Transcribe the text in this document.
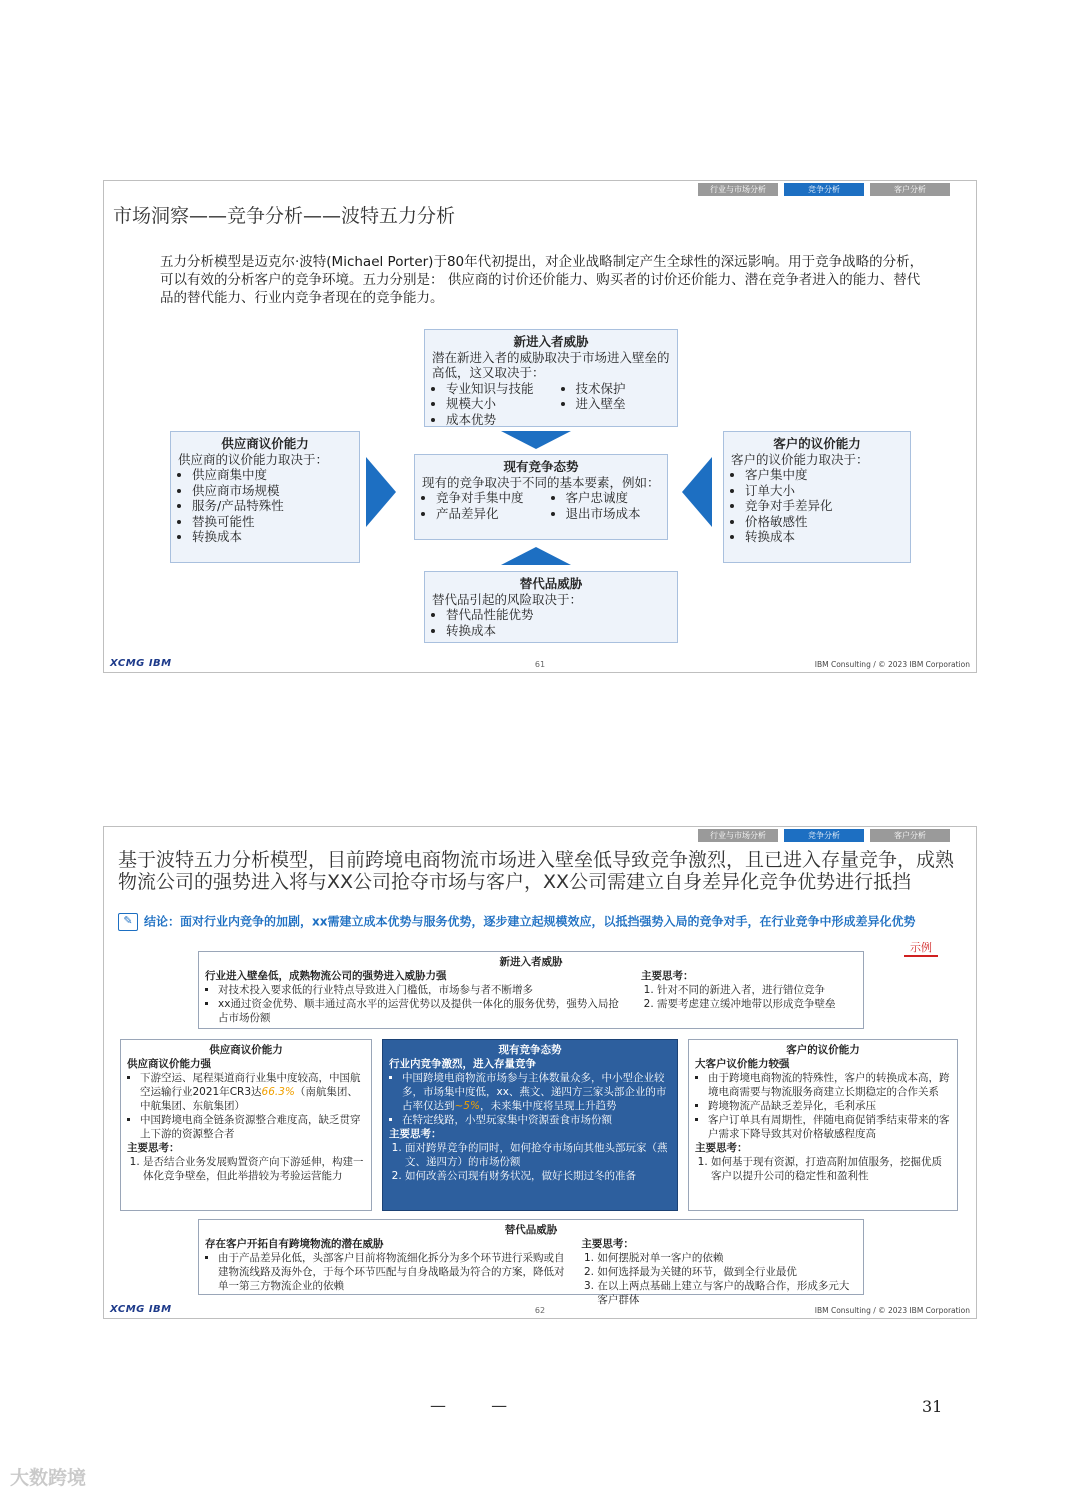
行业与市场分析	竞争分析	客户分析
市场洞察——竞争分析——波特五力分析
五力分析模型是迈克尔·波特(Michael Porter)于80年代初提出，对企业战略制定产生全球性的深远影响。用于竞争战略的分析，可以有效的分析客户的竞争环境。五力分别是： 供应商的讨价还价能力、购买者的讨价还价能力、潜在竞争者进入的能力、替代品的替代能力、行业内竞争者现在的竞争能力。
新进入者威胁
潜在新进入者的威胁取决于市场进入壁垒的高低，这又取决于：
• 专业知识与技能
• 规模大小
• 成本优势
• 技术保护
• 进入壁垒
供应商议价能力
供应商的议价能力取决于：
• 供应商集中度
• 供应商市场规模
• 服务/产品特殊性
• 替换可能性
• 转换成本
现有竞争态势
现有的竞争取决于不同的基本要素，例如：
• 竞争对手集中度
• 产品差异化
• 客户忠诚度
• 退出市场成本
客户的议价能力
客户的议价能力取决于：
• 客户集中度
• 订单大小
• 竞争对手差异化
• 价格敏感性
• 转换成本
替代品威胁
替代品引起的风险取决于：
• 替代品性能优势
• 转换成本
XCMG IBM	61	IBM Consulting / © 2023 IBM Corporation
行业与市场分析	竞争分析	客户分析
基于波特五力分析模型，目前跨境电商物流市场进入壁垒低导致竞争激烈，且已进入存量竞争，成熟物流公司的强势进入将与XX公司抢夺市场与客户，XX公司需建立自身差异化竞争优势进行抵挡
✎ 结论：面对行业内竞争的加剧，xx需建立成本优势与服务优势，逐步建立起规模效应，以抵挡强势入局的竞争对手，在行业竞争中形成差异化优势
示例
新进入者威胁
行业进入壁垒低，成熟物流公司的强势进入威胁力强
▪ 对技术投入要求低的行业特点导致进入门槛低，市场参与者不断增多
▪ xx通过资金优势、顺丰通过高水平的运营优势以及提供一体化的服务优势，强势入局抢占市场份额
主要思考：
1. 针对不同的新进入者，进行错位竞争
2. 需要考虑建立缓冲地带以形成竞争壁垒
供应商议价能力
供应商议价能力强
▪ 下游空运、尾程渠道商行业集中度较高，中国航空运输行业2021年CR3达66.3%（南航集团、中航集团、东航集团）
▪ 中国跨境电商全链条资源整合难度高，缺乏贯穿上下游的资源整合者
主要思考：
1. 是否结合业务发展购置资产向下游延伸，构建一体化竞争壁垒，但此举措较为考验运营能力
现有竞争态势
行业内竞争激烈，进入存量竞争
▪ 中国跨境电商物流市场参与主体数量众多，中小型企业较多，市场集中度低，xx、燕文、递四方三家头部企业的市占率仅达到~5%，未来集中度将呈现上升趋势
▪ 在特定线路，小型玩家集中资源蚕食市场份额
主要思考：
1. 面对跨界竞争的同时，如何抢夺市场向其他头部玩家（燕文、递四方）的市场份额
2. 如何改善公司现有财务状况，做好长期过冬的准备
客户的议价能力
大客户议价能力较强
▪ 由于跨境电商物流的特殊性，客户的转换成本高，跨境电商需要与物流服务商建立长期稳定的合作关系
▪ 跨境物流产品缺乏差异化，毛利承压
▪ 客户订单具有周期性，伴随电商促销季结束带来的客户需求下降导致其对价格敏感程度高
主要思考：
1. 如何基于现有资源，打造高附加值服务，挖掘优质客户以提升公司的稳定性和盈利性
替代品威胁
存在客户开拓自有跨境物流的潜在威胁
▪ 由于产品差异化低，头部客户目前将物流细化拆分为多个环节进行采购或自建物流线路及海外仓，于每个环节匹配与自身战略最为符合的方案，降低对单一第三方物流企业的依赖
主要思考：
1. 如何摆脱对单一客户的依赖
2. 如何选择最为关键的环节，做到全行业最优
3. 在以上两点基础上建立与客户的战略合作，形成多元大客户群体
XCMG IBM	62	IBM Consulting / © 2023 IBM Corporation
— —	31
大数跨境
